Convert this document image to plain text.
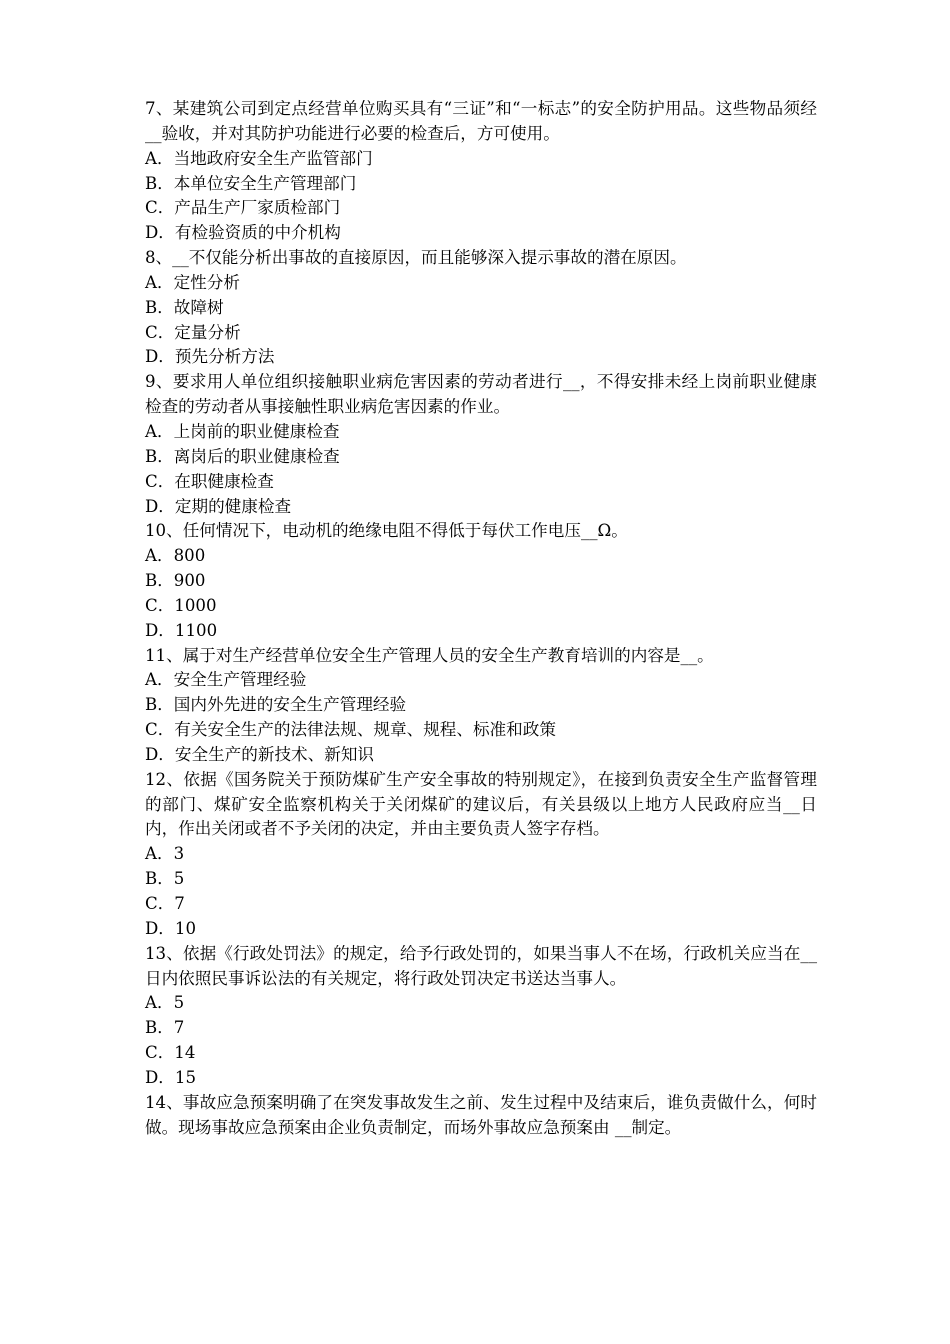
7、某建筑公司到定点经营单位购买具有“三证”和“一标志”的安全防护用品。这些物品须经__验收，并对其防护功能进行必要的检查后，方可使用。

A．当地政府安全生产监管部门
B．本单位安全生产管理部门
C．产品生产厂家质检部门
D．有检验资质的中介机构

8、__不仅能分析出事故的直接原因，而且能够深入提示事故的潜在原因。

A．定性分析
B．故障树
C．定量分析
D．预先分析方法

9、要求用人单位组织接触职业病危害因素的劳动者进行__，不得安排未经上岗前职业健康检查的劳动者从事接触性职业病危害因素的作业。

A．上岗前的职业健康检查
B．离岗后的职业健康检查
C．在职健康检查
D．定期的健康检查

10、任何情况下，电动机的绝缘电阻不得低于每伏工作电压__Ω。

A．800
B．900
C．1000
D．1100

11、属于对生产经营单位安全生产管理人员的安全生产教育培训的内容是__。

A．安全生产管理经验
B．国内外先进的安全生产管理经验
C．有关安全生产的法律法规、规章、规程、标准和政策
D．安全生产的新技术、新知识

12、依据《国务院关于预防煤矿生产安全事故的特别规定》，在接到负责安全生产监督管理的部门、煤矿安全监察机构关于关闭煤矿的建议后，有关县级以上地方人民政府应当__日内，作出关闭或者不予关闭的决定，并由主要负责人签字存档。

A．3
B．5
C．7
D．10

13、依据《行政处罚法》的规定，给予行政处罚的，如果当事人不在场，行政机关应当在__日内依照民事诉讼法的有关规定，将行政处罚决定书送达当事人。

A．5
B．7
C．14
D．15

14、事故应急预案明确了在突发事故发生之前、发生过程中及结束后，谁负责做什么，何时做。现场事故应急预案由企业负责制定，而场外事故应急预案由 __制定。
